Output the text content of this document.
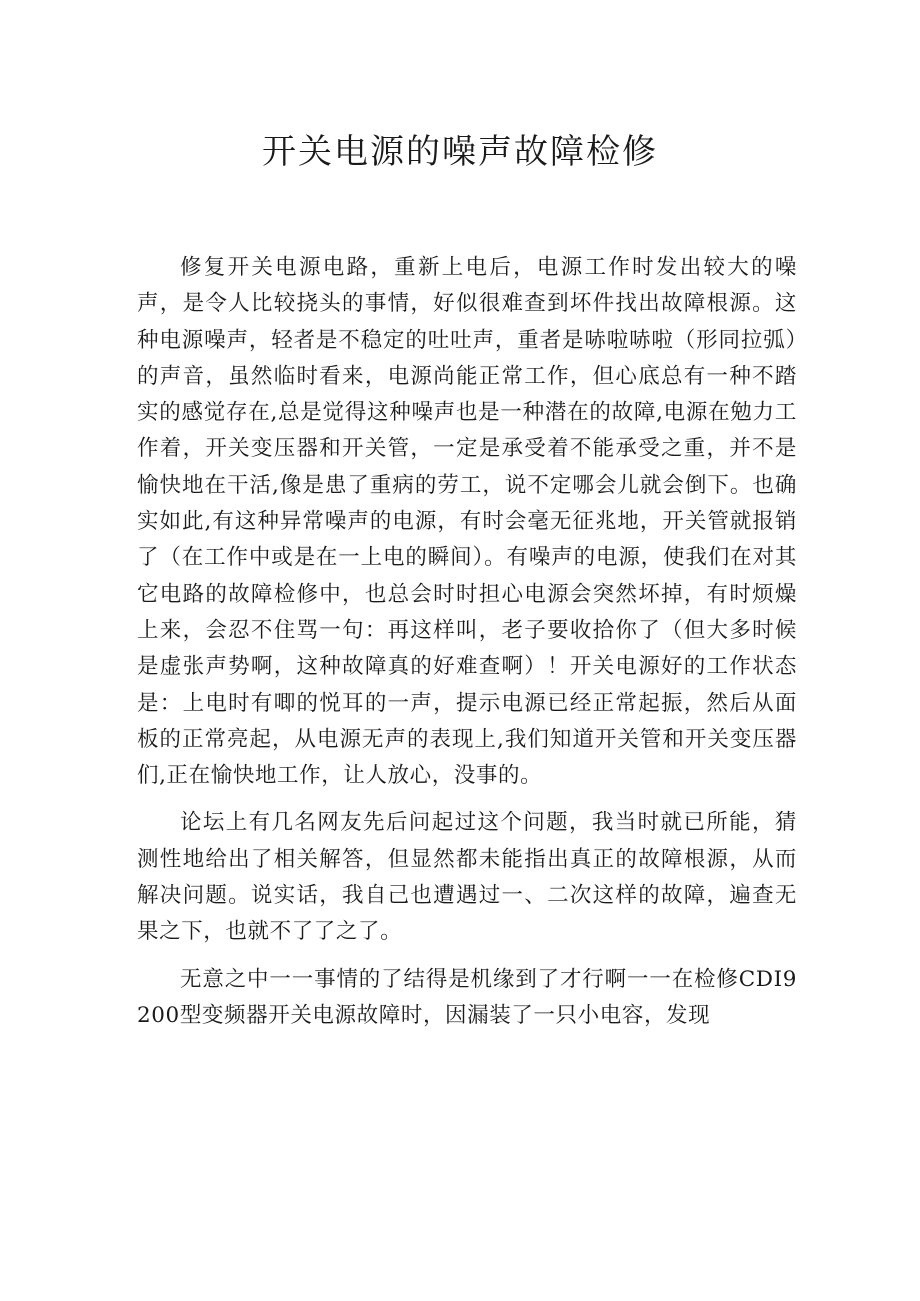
开关电源的噪声故障检修

修复开关电源电路，重新上电后，电源工作时发出较大的噪声，是令人比较挠头的事情，好似很难查到坏件找出故障根源。这种电源噪声，轻者是不稳定的吐吐声，重者是哧啦哧啦（形同拉弧）的声音，虽然临时看来，电源尚能正常工作，但心底总有一种不踏实的感觉存在,总是觉得这种噪声也是一种潜在的故障,电源在勉力工作着，开关变压器和开关管，一定是承受着不能承受之重，并不是愉快地在干活,像是患了重病的劳工，说不定哪会儿就会倒下。也确实如此,有这种异常噪声的电源，有时会毫无征兆地，开关管就报销了（在工作中或是在一上电的瞬间）。有噪声的电源，使我们在对其它电路的故障检修中，也总会时时担心电源会突然坏掉，有时烦燥上来，会忍不住骂一句：再这样叫，老子要收拾你了（但大多时候是虚张声势啊，这种故障真的好难查啊）！开关电源好的工作状态是：上电时有唧的悦耳的一声，提示电源已经正常起振，然后从面板的正常亮起，从电源无声的表现上,我们知道开关管和开关变压器们,正在愉快地工作，让人放心，没事的。

论坛上有几名网友先后问起过这个问题，我当时就已所能，猜测性地给出了相关解答，但显然都未能指出真正的故障根源，从而解决问题。说实话，我自己也遭遇过一、二次这样的故障，遍查无果之下，也就不了了之了。

无意之中一一事情的了结得是机缘到了才行啊一一在检修CDI9200型变频器开关电源故障时，因漏装了一只小电容，发现
